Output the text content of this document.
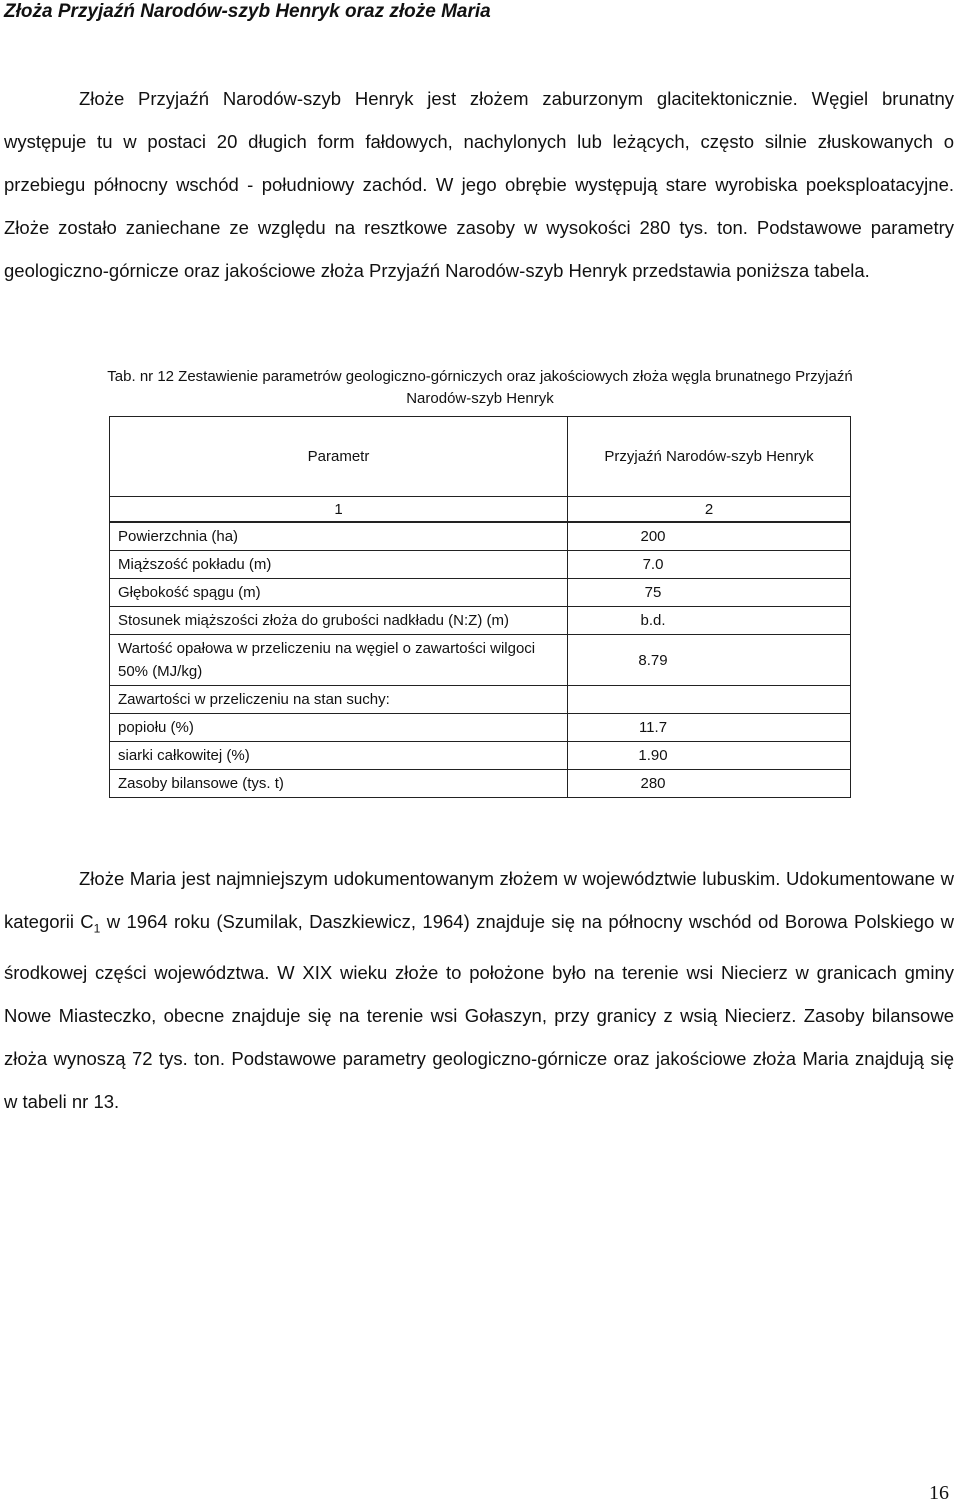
Złoża Przyjaźń Narodów-szyb Henryk oraz złoże Maria
Złoże Przyjaźń Narodów-szyb Henryk jest złożem zaburzonym glacitektonicznie. Węgiel brunatny występuje tu w postaci 20 długich form fałdowych, nachylonych lub leżących, często silnie złuskowanych o przebiegu północny wschód - południowy zachód. W jego obrębie występują stare wyrobiska poeksploatacyjne. Złoże zostało zaniechane ze względu na resztkowe zasoby w wysokości 280 tys. ton. Podstawowe parametry geologiczno-górnicze oraz jakościowe złoża Przyjaźń Narodów-szyb Henryk przedstawia poniższa tabela.
Tab. nr 12 Zestawienie parametrów geologiczno-górniczych oraz jakościowych złoża węgla brunatnego Przyjaźń Narodów-szyb Henryk
Parametr	Przyjaźń Narodów-szyb Henryk
1	2
Powierzchnia (ha)	200
Miąższość pokładu (m)	7.0
Głębokość spągu (m)	75
Stosunek miąższości złoża do grubości nadkładu (N:Z) (m)	b.d.
Wartość opałowa w przeliczeniu na węgiel o zawartości wilgoci 50% (MJ/kg)	8.79
Zawartości w przeliczeniu na stan suchy:	
popiołu (%)	11.7
siarki całkowitej (%)	1.90
Zasoby bilansowe (tys. t)	280
Złoże Maria jest najmniejszym udokumentowanym złożem w województwie lubuskim. Udokumentowane w kategorii $C_1$ w 1964 roku (Szumilak, Daszkiewicz, 1964) znajduje się na północny wschód od Borowa Polskiego w środkowej części województwa. W XIX wieku złoże to położone było na terenie wsi Niecierz w granicach gminy Nowe Miasteczko, obecne znajduje się na terenie wsi Gołaszyn, przy granicy z wsią Niecierz. Zasoby bilansowe złoża wynoszą 72 tys. ton. Podstawowe parametry geologiczno-górnicze oraz jakościowe złoża Maria znajdują się w tabeli nr 13.
16
